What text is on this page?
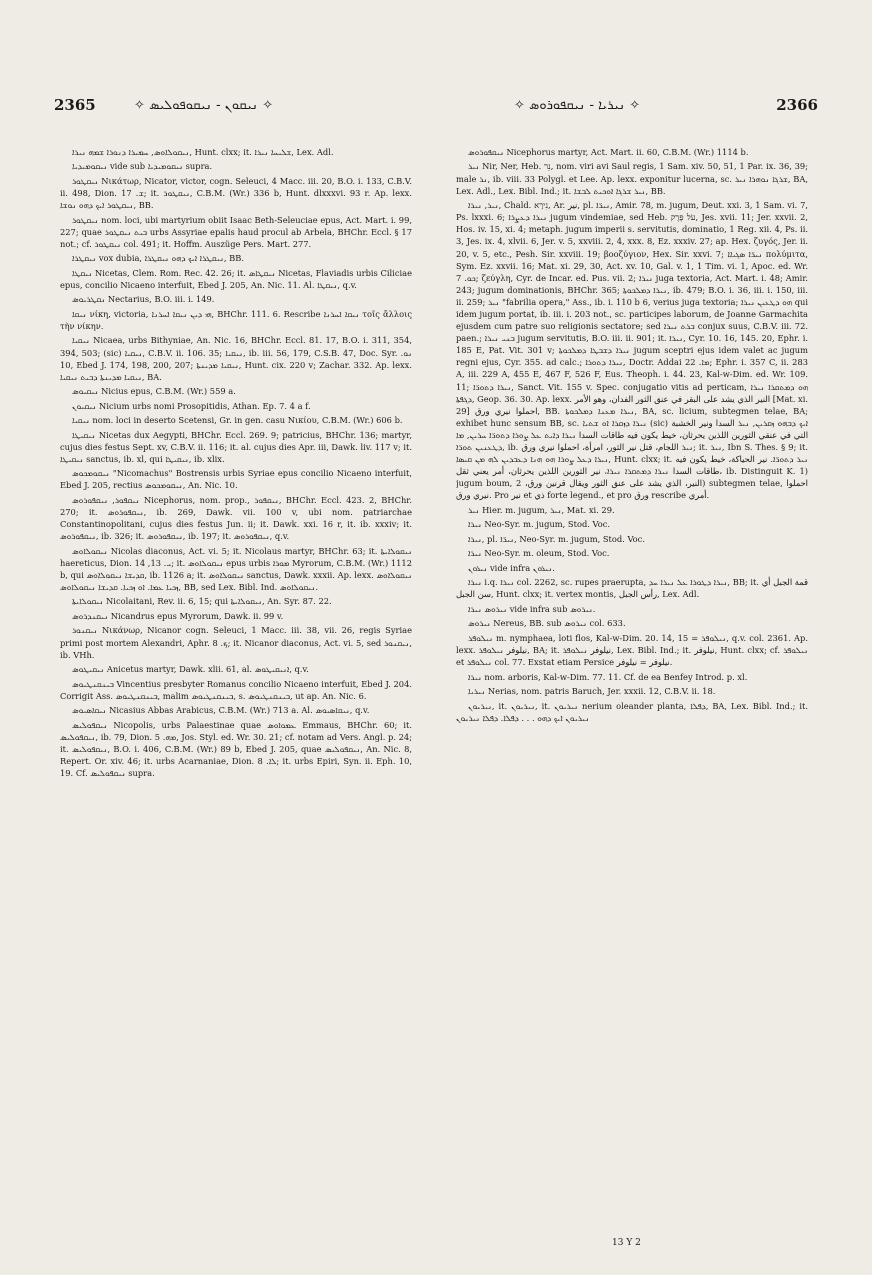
2365	✧ ܢܝܩܘܢ - ܢܝܩܘܦܘܠܝܣ ✧	✧ ܢܝܪܝܐ - ܢܝܩܦܘܪܘܣ ✧	2366

ܢܝܩܘܠܐܘܣ, ܚܡܝܪܐ ܕܢܘܪܐ ܫܡܗ ܢܝܪܐ, Hunt. clxx; it. ܫܠܝܚܐ ܢܝܪܐ, Lex. Adl.

ܢܝܩܘܡܝܕܝܐ vide sub ܢܝܩܘܡܝܕܝܐ supra.

ܢܝܩܛܘܪ Νικάτωρ, Nicator, victor, cogn. Seleuci, 4 Macc. iii. 20, B.O. i. 133, C.B.V. ii. 498, Dion. ܫ. 17; it. ܢܝܩܛܘܪ, C.B.M. (Wr.) 336 b, Hunt. dlxxxvi. 93 r. Ap. lexx. ܢܝܩܛܘܪ ܐܝܟ ܕܗܘ ܢܘܫܐ, BB.

ܢܝܩܛܘܪ nom. loci, ubi martyrium obiit Isaac Beth-Seleuciae epus, Act. Mart. i. 99, 227; quae ܒܝܬ ܢܝܩܛܘܪ urbs Assyriae epalis haud procul ab Arbela, BHChr. Eccl. § 17 not.; cf. ܢܝܩܛܘܪ col. 491; it. Hoffm. Auszüge Pers. Mart. 277.

ܢܝܩܛܪܐ vox dubia, ܢܝܩܛܪܐ ܐܝܟ ܕܗܘ ܢܝܩܛܪܐ, BB.

ܢܝܩܛܐ Nicetas, Clem. Rom. Rec. 42. 26; it. ܢܝܩܛܐܣ Nicetas, Flaviadis urbis Ciliciae epus, concilio Nicaeno interfuit, Ebed J. 205, An. Nic. 11. Al. ܢܝܩܛܐ, q.v.

ܢܩܛܪܝܘܣ Nectarius, B.O. iii. i. 149.

ܢܝܩܐ νίκη, victoria, ܗܝ ܕܝܢ ܢܝܩܐ ܐܚܪܢܐ, BHChr. 111. 6. Rescribe ܢܝܩܐ ܐܚܪܢܐ τοῖς ἄλλοις τὴν νίκην.

ܢܝܩܝܐ Nicaea, urbs Bithyniae, An. Nic. 16, BHChr. Eccl. 81. 17, B.O. i. 311, 354, 394, 503; (sic) ܢܝܩܝܐ, C.B.V. ii. 106. 35; ܢܝܩܝܐ, ib. iii. 56, 179, C.S.B. 47, Doc. Syr. ܢܘ. 10, Ebed J. 174, 198, 200, 207; ܢܝܩܝܐ ܡܕܝܢܬܐ, Hunt. cix. 220 v; Zachar. 332. Ap. lexx. ܢܝܩܝܐ ܡܕܝܢܬܐ ܕܒܝܬ ܢܝܩܝܐ, BA.

ܢܝܩܝܘܣ Nicius epus, C.B.M. (Wr.) 559 a.

ܢܝܩܝܘܢ Nicium urbs nomi Prosopitidis, Athan. Ep. 7. 4 a f.

ܢܝܩܝܐ nom. loci in deserto Scetensi, Gr. in gen. casu Νικίου, C.B.M. (Wr.) 606 b.

ܢܝܩܝܛܐ Nicetas dux Aegypti, BHChr. Eccl. 269. 9; patricius, BHChr. 136; martyr, cujus dies festus Sept. xv, C.B.V. ii. 116; it. al. cujus dies Apr. iii, Dawk. liv. 117 v; it. ܢܝܩܝܛܐ sanctus, ib. xl, qui ܢܝܩܝܛܐ, ib. xlix.

ܢܝܩܘܡܟܘܣ "Nicomachus" Bostrensis urbis Syriae epus concilio Nicaeno interfuit, Ebed J. 205, rectius ܢܝܩܘܡܟܘܣ, An. Nic. 10.

ܢܝܩܦܘܪ, ܢܝܩܦܘܪܘܣ Nicephorus, nom. prop., ܢܝܩܦܘܪ, BHChr. Eccl. 423. 2, BHChr. 270; it. ܢܝܩܦܘܪܘܣ, ib. 269, Dawk. vii. 100 v, ubi nom. patriarchae Constantinopolitani, cujus dies festus Jun. ii; it. Dawk. xxi. 16 r, it. ib. xxxiv; it. ܢܝܩܦܘܪܘܣ, ib. 326; it. ܢܝܩܦܘܪܘܣ, ib. 197; it. ܢܝܩܦܘܪܘܣ, q.v.

ܢܝܩܘܠܐܘܣ Nicolas diaconus, Act. vi. 5; it. Nicolaus martyr, BHChr. 63; it. ܢܝܩܘܠܐܝܬܐ haereticus, Dion. ܝ. 13, 14; it. ܢܝܩܘܠܐܘܣ epus urbis ܡܘܪܐ Myrorum, C.B.M. (Wr.) 1112 b, qui ܩܕܝܫܐ ܢܝܩܘܠܐܘܣ, ib. 1126 a; it. ܢܝܩܘܠܐܘܣ sanctus, Dawk. xxxii. Ap. lexx. ܢܝܩܘܠܐܘܣ ܙܟܝܐ ܥܡܐ. ܐܘ ܙܟܝܐ. ܩܕܝܫܐ ܢܝܩܘܠܐܘܣ, BB, sed Lex. Bibl. Ind. ܢܝܩܘܠܐܘܣ.

ܢܝܩܘܠܐܝܬܐ Nicolaitani, Rev. ii. 6, 15; qui ܢܝܩܘܠܐܝܬܐ, An. Syr. 87. 22.

ܢܝܩܢܕܪܘܣ Nicandrus epus Myrorum, Dawk. ii. 99 v.

ܢܝܩܢܘܪ Νικάνωρ, Nicanor cogn. Seleuci, 1 Macc. iii. 38, vii. 26, regis Syriae primi post mortem Alexandri, Aphr. ܟ. 8; it. Nicanor diaconus, Act. vi. 5, sed ܢܝܩܢܘܪ, ib. VHh.

ܢܝܩܝܛܘܣ Anicetus martyr, Dawk. xlii. 61, al. ܐܢܝܩܝܛܘܣ, q.v.

ܒܝܢܩܢܛܝܘܣ Vincentius presbyter Romanus concilio Nicaeno interfuit, Ebed J. 204. Corrigit Ass. ܒܝܢܩܢܛܝܘܣ, malim ܒܝܢܩܢܛܝܘܣ, s. ܒܝܢܩܢܛܝܘܣ, ut ap. An. Nic. 6.

ܢܝܩܐܣܝܘܣ Nicasius Abbas Arabicus, C.B.M. (Wr.) 713 a. Al. ܢܝܩܐܣܝܘܣ, q.v.

ܢܝܩܦܘܠܝܣ Nicopolis, urbs Palaestinae quae ܥܡܘܐܘܣ Emmaus, BHChr. 60; it. ܢܝܩܦܘܠܝܣ, ib. 79, Dion. ܡܗ. 5, Jos. Styl. ed. Wr. 30. 21; cf. notam ad Vers. Angl. p. 24; it. ܢܝܩܦܘܠܝܣ, B.O. i. 406, C.B.M. (Wr.) 89 b, Ebed J. 205, quae ܢܝܩܦܘܠܝܣ, An. Nic. 8, Repert. Or. xiv. 46; it. urbs Acarnaniae, Dion. ܠܐ. 8; it. urbs Epiri, Syn. ii. Eph. 10, 19. Cf. ܢܝܩܦܘܠܝܣ supra.

ܢܝܩܦܘܪܘܣ Nicephorus martyr, Act. Mart. ii. 60, C.B.M. (Wr.) 1114 b.

ܢܝܪ Nir, Ner, Heb. נֵר, nom. viri avi Saul regis, 1 Sam. xiv. 50, 51, 1 Par. ix. 36, 39; male ܢܪ, ib. viii. 33 Polygl. et Lee. Ap. lexx. exponitur lucerna, sc. ܫܪܓܐ ܢܘܗܪܐ ܢܝܪ, BA, Lex. Adl., Lex. Bibl. Ind.; it. ܢܝܪ ܫܪܓܐ ܐܘܟܝܬ ܠܒܫܐ, BB.

ܢܝܪ, ܢܝܪܐ, Chald. נִירָא, Ar. نير, pl. ܢܝܪ̈ܐ, Amir. 78, m. jugum, Deut. xxi. 3, 1 Sam. vi. 7, Ps. lxxxi. 6; ܢܝܪܐ ܕܥܨܪܐ jugum vindemiae, sed Heb. עֹל פֶּרֶק, Jes. xvii. 11; Jer. xxvii. 2, Hos. iv. 15, xi. 4; metaph. jugum imperii s. servitutis, dominatio, 1 Reg. xii. 4, Ps. ii. 3, Jes. ix. 4, xlvii. 6, Jer. v. 5, xxviii. 2, 4, xxx. 8, Ez. xxxiv. 27; ap. Hex. ζυγός, Jer. ii. 20, v. 5, etc., Pesh. Sir. xxviii. 19; βοοζύγιον, Hex. Sir. xxvi. 7; ܢܝܪ̈ܐ ܣܓܝܐܐ πολύμιτα, Sym. Ez. xxvii. 16; Mat. xi. 29, 30, Act. xv. 10, Gal. v. 1, 1 Tim. vi. 1, Apoc. ed. Wr. ܟܘ. 7; ζεύγλη, Cyr. de Incar. ed. Pus. vii. 2; ܢܝܪܐ juga textoria, Act. Mart. i. 48; Amir. 243; jugum dominationis, BHChr. 365; ܢܝܪܐ ܕܡܠܟܘܬܐ, ib. 479; B.O. i. 36, iii. i. 150, iii. ii. 259; ܢܝܪ "fabrilia opera," Ass., ib. i. 110 b 6, verius juga textoria; ܗܘ ܕܛܥܝܢ ܢܝܪܐ qui idem jugum portat, ib. iii. i. 203 not., sc. participes laborum, de Joanne Garmachita ejusdem cum patre suo religionis sectatore; sed ܒܪܬ ܢܝܪܐ conjux suus, C.B.V. iii. 72. paen.; ܒܢܝ ܢܝܪܐ jugum servitutis, B.O. iii. ii. 901; it. ܢܝܪܐ, Cyr. 10. 16, 145. 20, Ephr. i. 185 E, Pat. Vit. 301 v; ܢܝܪܐ ܕܫܒܛܐ ܕܡܠܟܘܬܐ jugum sceptri ejus idem valet ac jugum regni ejus, Cyr. 355. ad calc.; ܢܝܪܐ ܕܬܘܪܐ, Doctr. Addai ܡܐ. 22; Ephr. i. 357 C, ii. 283 A, iii. 229 A, 455 E, 467 F, 526 F, Eus. Theoph. i. 44. 23, Kal-w-Dim. ed. Wr. 109. 11; ܢܝܪܐ ܕܬܘܪ̈ܐ, Sanct. Vit. 155 v. Spec. conjugatio vitis ad perticam, ܗܘ ܕܡܬܩܪܐ ܢܝܪܐ ܕܓܦܬܐ, Geop. 36. 30. Ap. lexx. النير الذي يشد على البقر في عنق الثور الفدان، وهو الأمر [Mat. xi. 29] احملوا نيري ورق, BB. ܢܝܪܐ ܡܥܢܐ ܕܡܠܟܘܬܐ, BA, sc. licium, subtegmen telae, BA; exhibet hunc sensum BB, sc. ܢܝܪܐ ܕܙܩܪܐ ܐܘ ܫܬܝܐ (sic) ܐܝܟ ܕܒܗܘ ܙܩܪܝܢ, ܢܝܪ السدا ونير الخشبة التي في عنقي الثورين اللذين يحرثان، خيط يكون فيه طاقات السدا ܢܝܪܐ ܕܐܝܬ ܥܠ ܨܘܪܐ ܕܬܘܪ̈ܐ ܚܪܝܢ, ܡܐ ܕܛܥܢܝܢ ܬܘܪ̈ܐ, ib. ܢܝܪ اللجام، قتل نير الثور، امرأة، احملوا نيري ورق; it. ܢܝܪ, Ibn S. Thes. § 9; it. ܢܝܪܐ ܕܥܠ ܨܘܪܐ ܗܘ ܗܢܐ ܕܥܒܕܝܢ ܠܗ ܡܢ ܩܝܣܐ, Hunt. clxx; it. ܢܝܪ ܕܬܘܪ̈ܐ. نير الحياكة، خيط يكون فيه طاقات السدا ܢܝܪܐ ܕܡܬܩܪܐ ܢܝܪܐ، نير الثورين اللذين يحرثان، أمر يعني ثقل، ib. Distinguit K. 1) jugum boum, النير، الذي يشد على عنق الثور ويقال قرنين ورق، 2) subtegmen telae, احملوا نيري ورق. Pro نير et ذي forte legend., et pro ورق rescribe أمري.

ܢܝܪ Hier. m. jugum, ܢܝܪ, Mat. xi. 29.

ܢܝܪܐ Neo-Syr. m. jugum, Stod. Voc.

ܢܝܪܐ, pl. ܢܝܪ̈ܐ, Neo-Syr. m. jugum, Stod. Voc.

ܢܝܪܐ Neo-Syr. m. oleum, Stod. Voc.

ܢܝܪܘܢ vide infra ܢܝܪܘܢ.

ܢܝܪܐ i.q. ܢܝܪܐ col. 2262, sc. rupes praerupta, ܢܝܪܐ ܕܛܘܪܐ ܥܠ ܢܝܪܐ ܚܕ, BB; it. قمة الجبل أي سن الجبل, Hunt. clxx; it. vertex montis, رأس الجبل, Lex. Adl.

ܢܝܪܘܣ ܢܝܪܐ vide infra sub ܢܝܪܘܣ.

ܢܝܪܘܣ Nereus, BB. sub ܢܝܪܘܣ col. 633.

ܢܝܠܘܦܪ m. nymphaea, loti flos, Kal-w-Dim. 20. 14, 15 = ܢܝܠܘܦܪ, q.v. col. 2361. Ap. lexx. نيلوفر ܢܝܠܘܦܪ, BA; it. نيلوفر ܢܝܠܘܦܪ, Lex. Bibl. Ind.; it. نيلوفر, Hunt. clxx; cf. ܢܝܠܘܦܪ et ܢܝܠܘܦܪ col. 77. Exstat etiam Persice نیلوفر = نیلوفر.

ܢܝܪܐ nom. arboris, Kal-w-Dim. 77. 11. Cf. de ea Benfey Introd. p. xl.

ܢܝܪܝܐ Nerias, nom. patris Baruch, Jer. xxxii. 12, C.B.V. ii. 18.

ܢܝܪܝܘܢ, it. ܢܝܪܝܘܢ, it. ܢܝܪܝܘܢ nerium oleander planta, ܕܦܠܐ, BA, Lex. Bibl. Ind.; it. ܢܝܪܝܘܢ ܐܝܟ ܕܗܘ . . . ܕܦܠܐ. ܕܦܠܐ ܢܝܪܝܘܢ

13 Y 2
